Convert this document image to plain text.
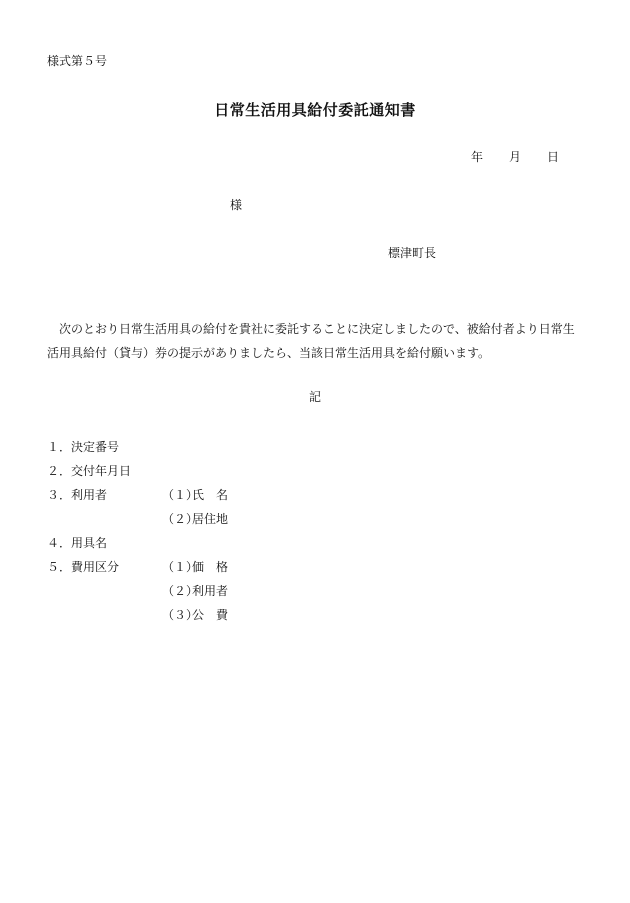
様式第５号
日常生活用具給付委託通知書
年 月 日
様
標津町長
次のとおり日常生活用具の給付を貴社に委託することに決定しましたので、被給付者より日常生
活用具給付（貸与）券の提示がありましたら、当該日常生活用具を給付願います。
記
１． 決定番号
２． 交付年月日
３． 利用者	（１）氏　名
（２）居住地
４． 用具名
５． 費用区分	（１）価　格
（２）利用者
（３）公　費
